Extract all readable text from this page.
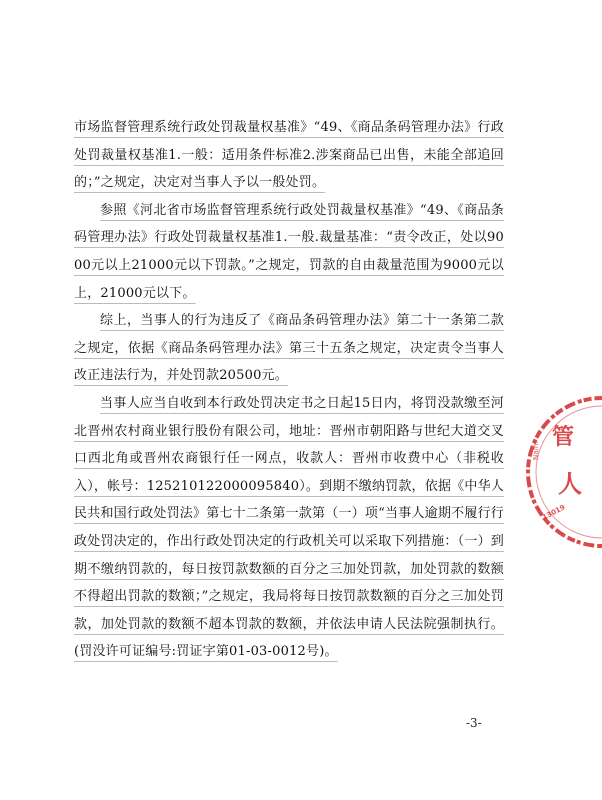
市场监督管理系统行政处罚裁量权基准》“49、《商品条码管理办法》行政处罚裁量权基准1.一般：适用条件标准2.涉案商品已出售，未能全部追回的；”之规定，决定对当事人予以一般处罚。

参照《河北省市场监督管理系统行政处罚裁量权基准》“49、《商品条码管理办法》行政处罚裁量权基准1.一般.裁量基准：“责令改正，处以9000元以上21000元以下罚款。”之规定，罚款的自由裁量范围为9000元以上，21000元以下。

综上，当事人的行为违反了《商品条码管理办法》第二十一条第二款之规定，依据《商品条码管理办法》第三十五条之规定，决定责令当事人改正违法行为，并处罚款20500元。

当事人应当自收到本行政处罚决定书之日起15日内，将罚没款缴至河北晋州农村商业银行股份有限公司，地址：晋州市朝阳路与世纪大道交叉口西北角或晋州农商银行任一网点，收款人：晋州市收费中心（非税收入），帐号：125210122000095840）。到期不缴纳罚款，依据《中华人民共和国行政处罚法》第七十二条第一款第（一）项“当事人逾期不履行行政处罚决定的，作出行政处罚决定的行政机关可以采取下列措施：（一）到期不缴纳罚款的，每日按罚款数额的百分之三加处罚款，加处罚款的数额不得超出罚款的数额；”之规定，我局将每日按罚款数额的百分之三加处罚款，加处罚款的数额不超本罚款的数额，并依法申请人民法院强制执行。(罚没许可证编号:罚证字第01-03-0012号)。

管
人
Na/m
13019
-3-
